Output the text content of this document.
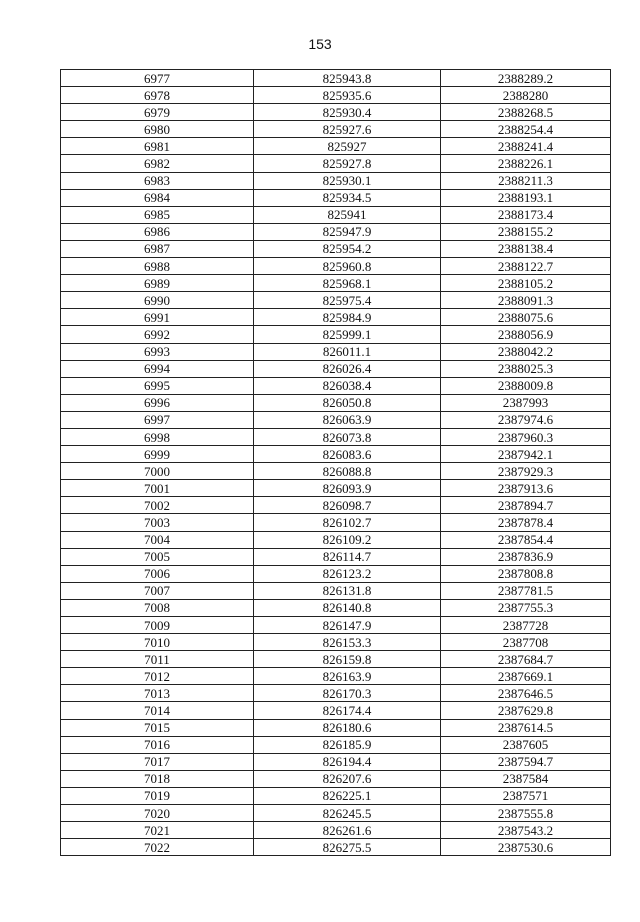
153
6977	825943.8	2388289.2
6978	825935.6	2388280
6979	825930.4	2388268.5
6980	825927.6	2388254.4
6981	825927	2388241.4
6982	825927.8	2388226.1
6983	825930.1	2388211.3
6984	825934.5	2388193.1
6985	825941	2388173.4
6986	825947.9	2388155.2
6987	825954.2	2388138.4
6988	825960.8	2388122.7
6989	825968.1	2388105.2
6990	825975.4	2388091.3
6991	825984.9	2388075.6
6992	825999.1	2388056.9
6993	826011.1	2388042.2
6994	826026.4	2388025.3
6995	826038.4	2388009.8
6996	826050.8	2387993
6997	826063.9	2387974.6
6998	826073.8	2387960.3
6999	826083.6	2387942.1
7000	826088.8	2387929.3
7001	826093.9	2387913.6
7002	826098.7	2387894.7
7003	826102.7	2387878.4
7004	826109.2	2387854.4
7005	826114.7	2387836.9
7006	826123.2	2387808.8
7007	826131.8	2387781.5
7008	826140.8	2387755.3
7009	826147.9	2387728
7010	826153.3	2387708
7011	826159.8	2387684.7
7012	826163.9	2387669.1
7013	826170.3	2387646.5
7014	826174.4	2387629.8
7015	826180.6	2387614.5
7016	826185.9	2387605
7017	826194.4	2387594.7
7018	826207.6	2387584
7019	826225.1	2387571
7020	826245.5	2387555.8
7021	826261.6	2387543.2
7022	826275.5	2387530.6
